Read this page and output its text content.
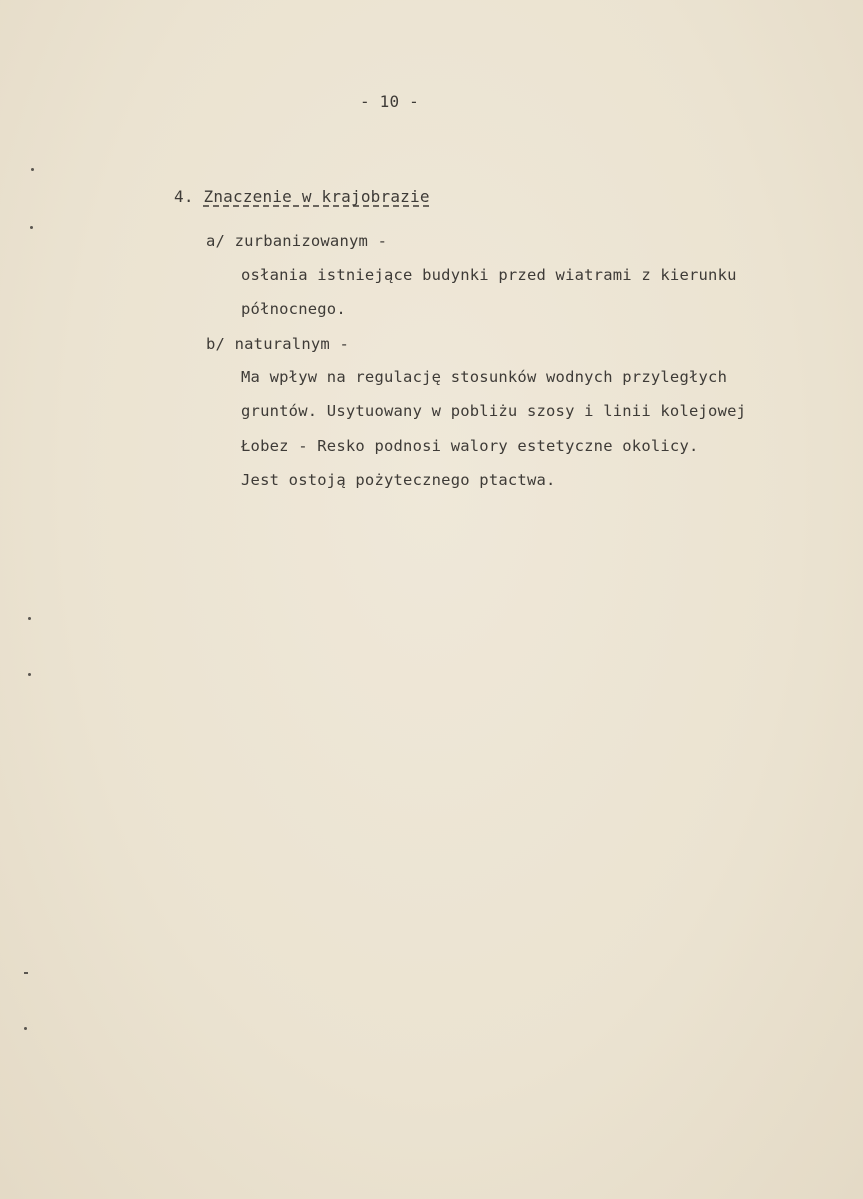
- 10 -
4. Znaczenie w krajobrazie
a/ zurbanizowanym -
osłania istniejące budynki przed wiatrami z kierunku
północnego.
b/ naturalnym -
Ma wpływ na regulację stosunków wodnych przyległych
gruntów. Usytuowany w pobliżu szosy i linii kolejowej
Łobez - Resko podnosi walory estetyczne okolicy.
Jest ostoją pożytecznego ptactwa.
